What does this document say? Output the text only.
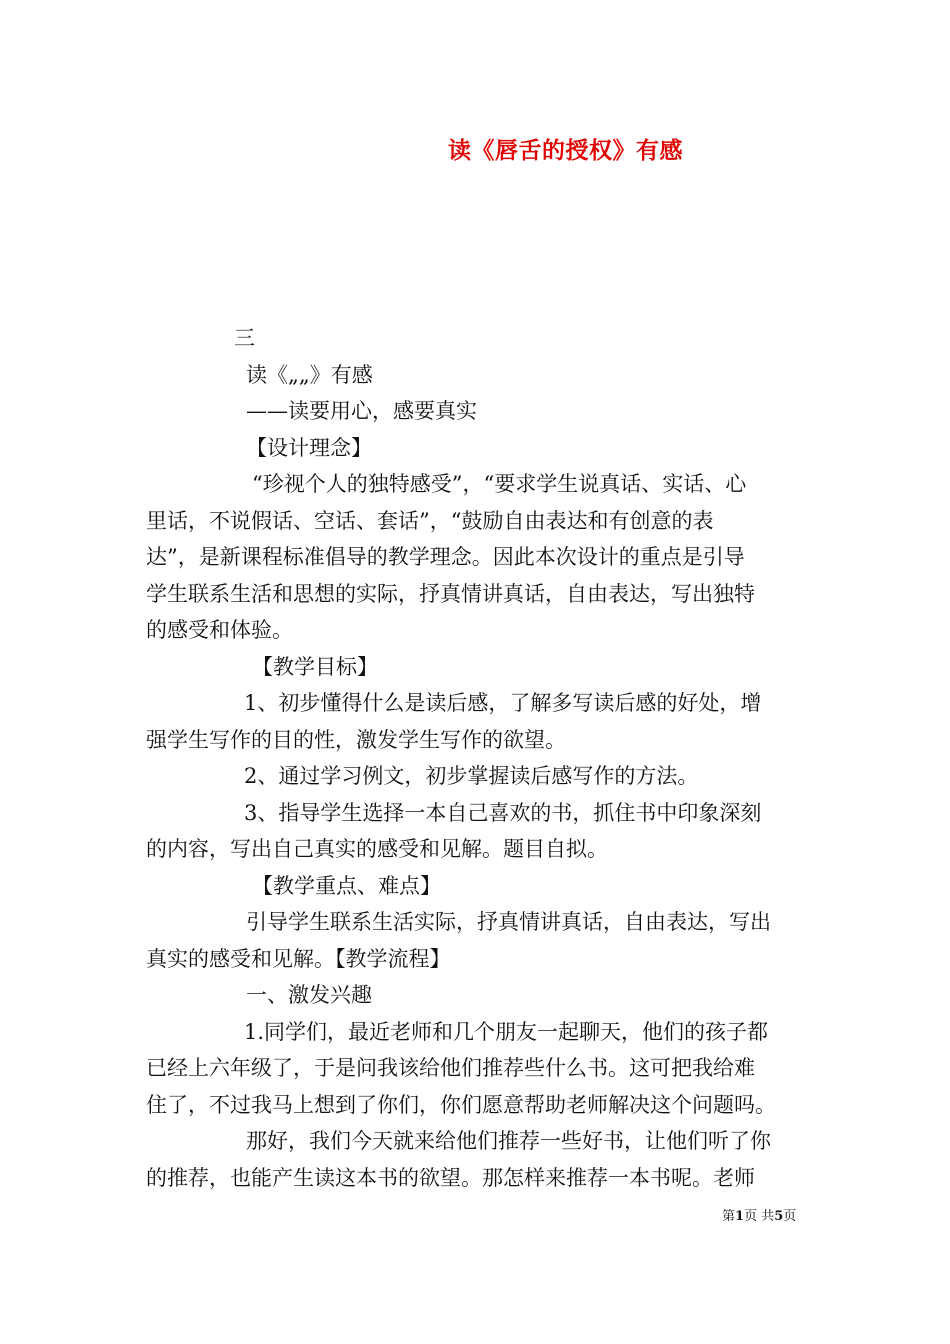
读《唇舌的授权》有感
三
读《„„》有感
——读要用心，感要真实
【设计理念】
“珍视个人的独特感受”，“要求学生说真话、实话、心
里话，不说假话、空话、套话”，“鼓励自由表达和有创意的表
达”，是新课程标准倡导的教学理念。因此本次设计的重点是引导
学生联系生活和思想的实际，抒真情讲真话，自由表达，写出独特
的感受和体验。
【教学目标】
1、初步懂得什么是读后感，了解多写读后感的好处，增
强学生写作的目的性，激发学生写作的欲望。
2、通过学习例文，初步掌握读后感写作的方法。
3、指导学生选择一本自己喜欢的书，抓住书中印象深刻
的内容，写出自己真实的感受和见解。题目自拟。
【教学重点、难点】
引导学生联系生活实际，抒真情讲真话，自由表达，写出
真实的感受和见解。【教学流程】
一、激发兴趣
1.同学们，最近老师和几个朋友一起聊天，他们的孩子都
已经上六年级了，于是问我该给他们推荐些什么书。这可把我给难
住了，不过我马上想到了你们，你们愿意帮助老师解决这个问题吗。
那好，我们今天就来给他们推荐一些好书，让他们听了你
的推荐，也能产生读这本书的欲望。那怎样来推荐一本书呢。老师
第1页 共5页
